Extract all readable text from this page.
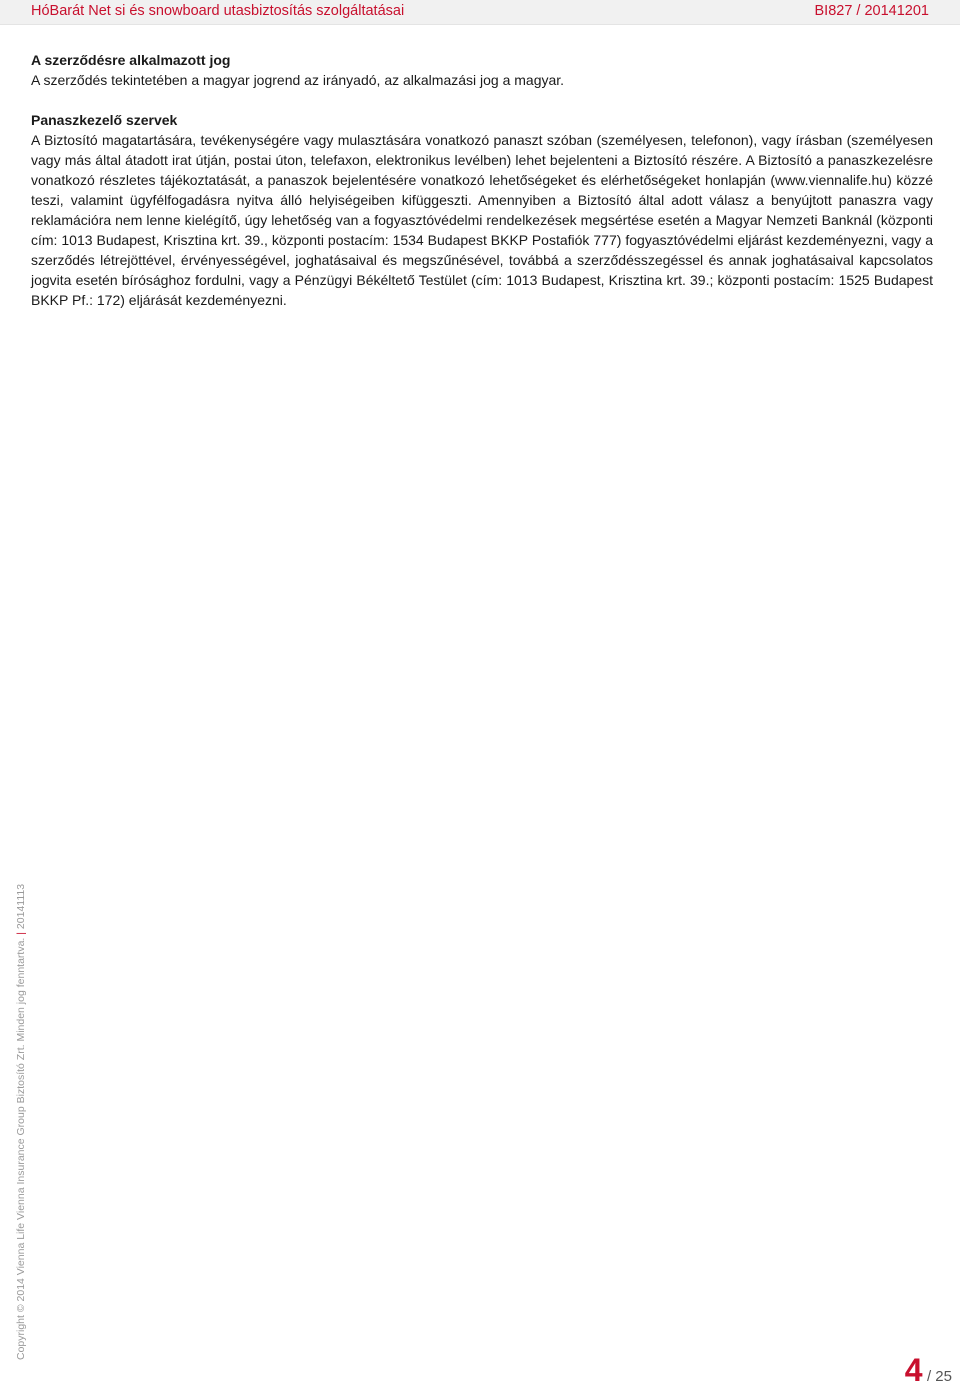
HóBarát Net si és snowboard utasbiztosítás szolgáltatásai	BI827 / 20141201

A szerződésre alkalmazott jog

A szerződés tekintetében a magyar jogrend az irányadó, az alkalmazási jog a magyar.

Panaszkezelő szervek

A Biztosító magatartására, tevékenységére vagy mulasztására vonatkozó panaszt szóban (személyesen, telefonon), vagy írásban (személyesen vagy más által átadott irat útján, postai úton, telefaxon, elektronikus levélben) lehet bejelenteni a Biztosító részére. A Biztosító a panaszkezelésre vonatkozó részletes tájékoztatását, a panaszok bejelentésére vonatkozó lehetőségeket és elérhetőségeket honlapján (www.viennalife.hu) közzé teszi, valamint ügyfélfogadásra nyitva álló helyiségeiben kifüggeszti. Amennyiben a Biztosító által adott válasz a benyújtott panaszra vagy reklamációra nem lenne kielégítő, úgy lehetőség van a fogyasztóvédelmi rendelkezések megsértése esetén a Magyar Nemzeti Banknál (központi cím: 1013 Budapest, Krisztina krt. 39., központi postacím: 1534 Budapest BKKP Postafiók 777) fogyasztóvédelmi eljárást kezdeményezni, vagy a szerződés létrejöttével, érvényességével, joghatásaival és megszűnésével, továbbá a szerződésszegéssel és annak joghatásaival kapcsolatos jogvita esetén bírósághoz fordulni, vagy a Pénzügyi Békéltető Testület (cím: 1013 Budapest, Krisztina krt. 39.; központi postacím: 1525 Budapest BKKP Pf.: 172) eljárását kezdeményezni.

Copyright © 2014 Vienna Life Vienna Insurance Group Biztosító Zrt. Minden jog fenntartva. | 20141113
4 / 25
